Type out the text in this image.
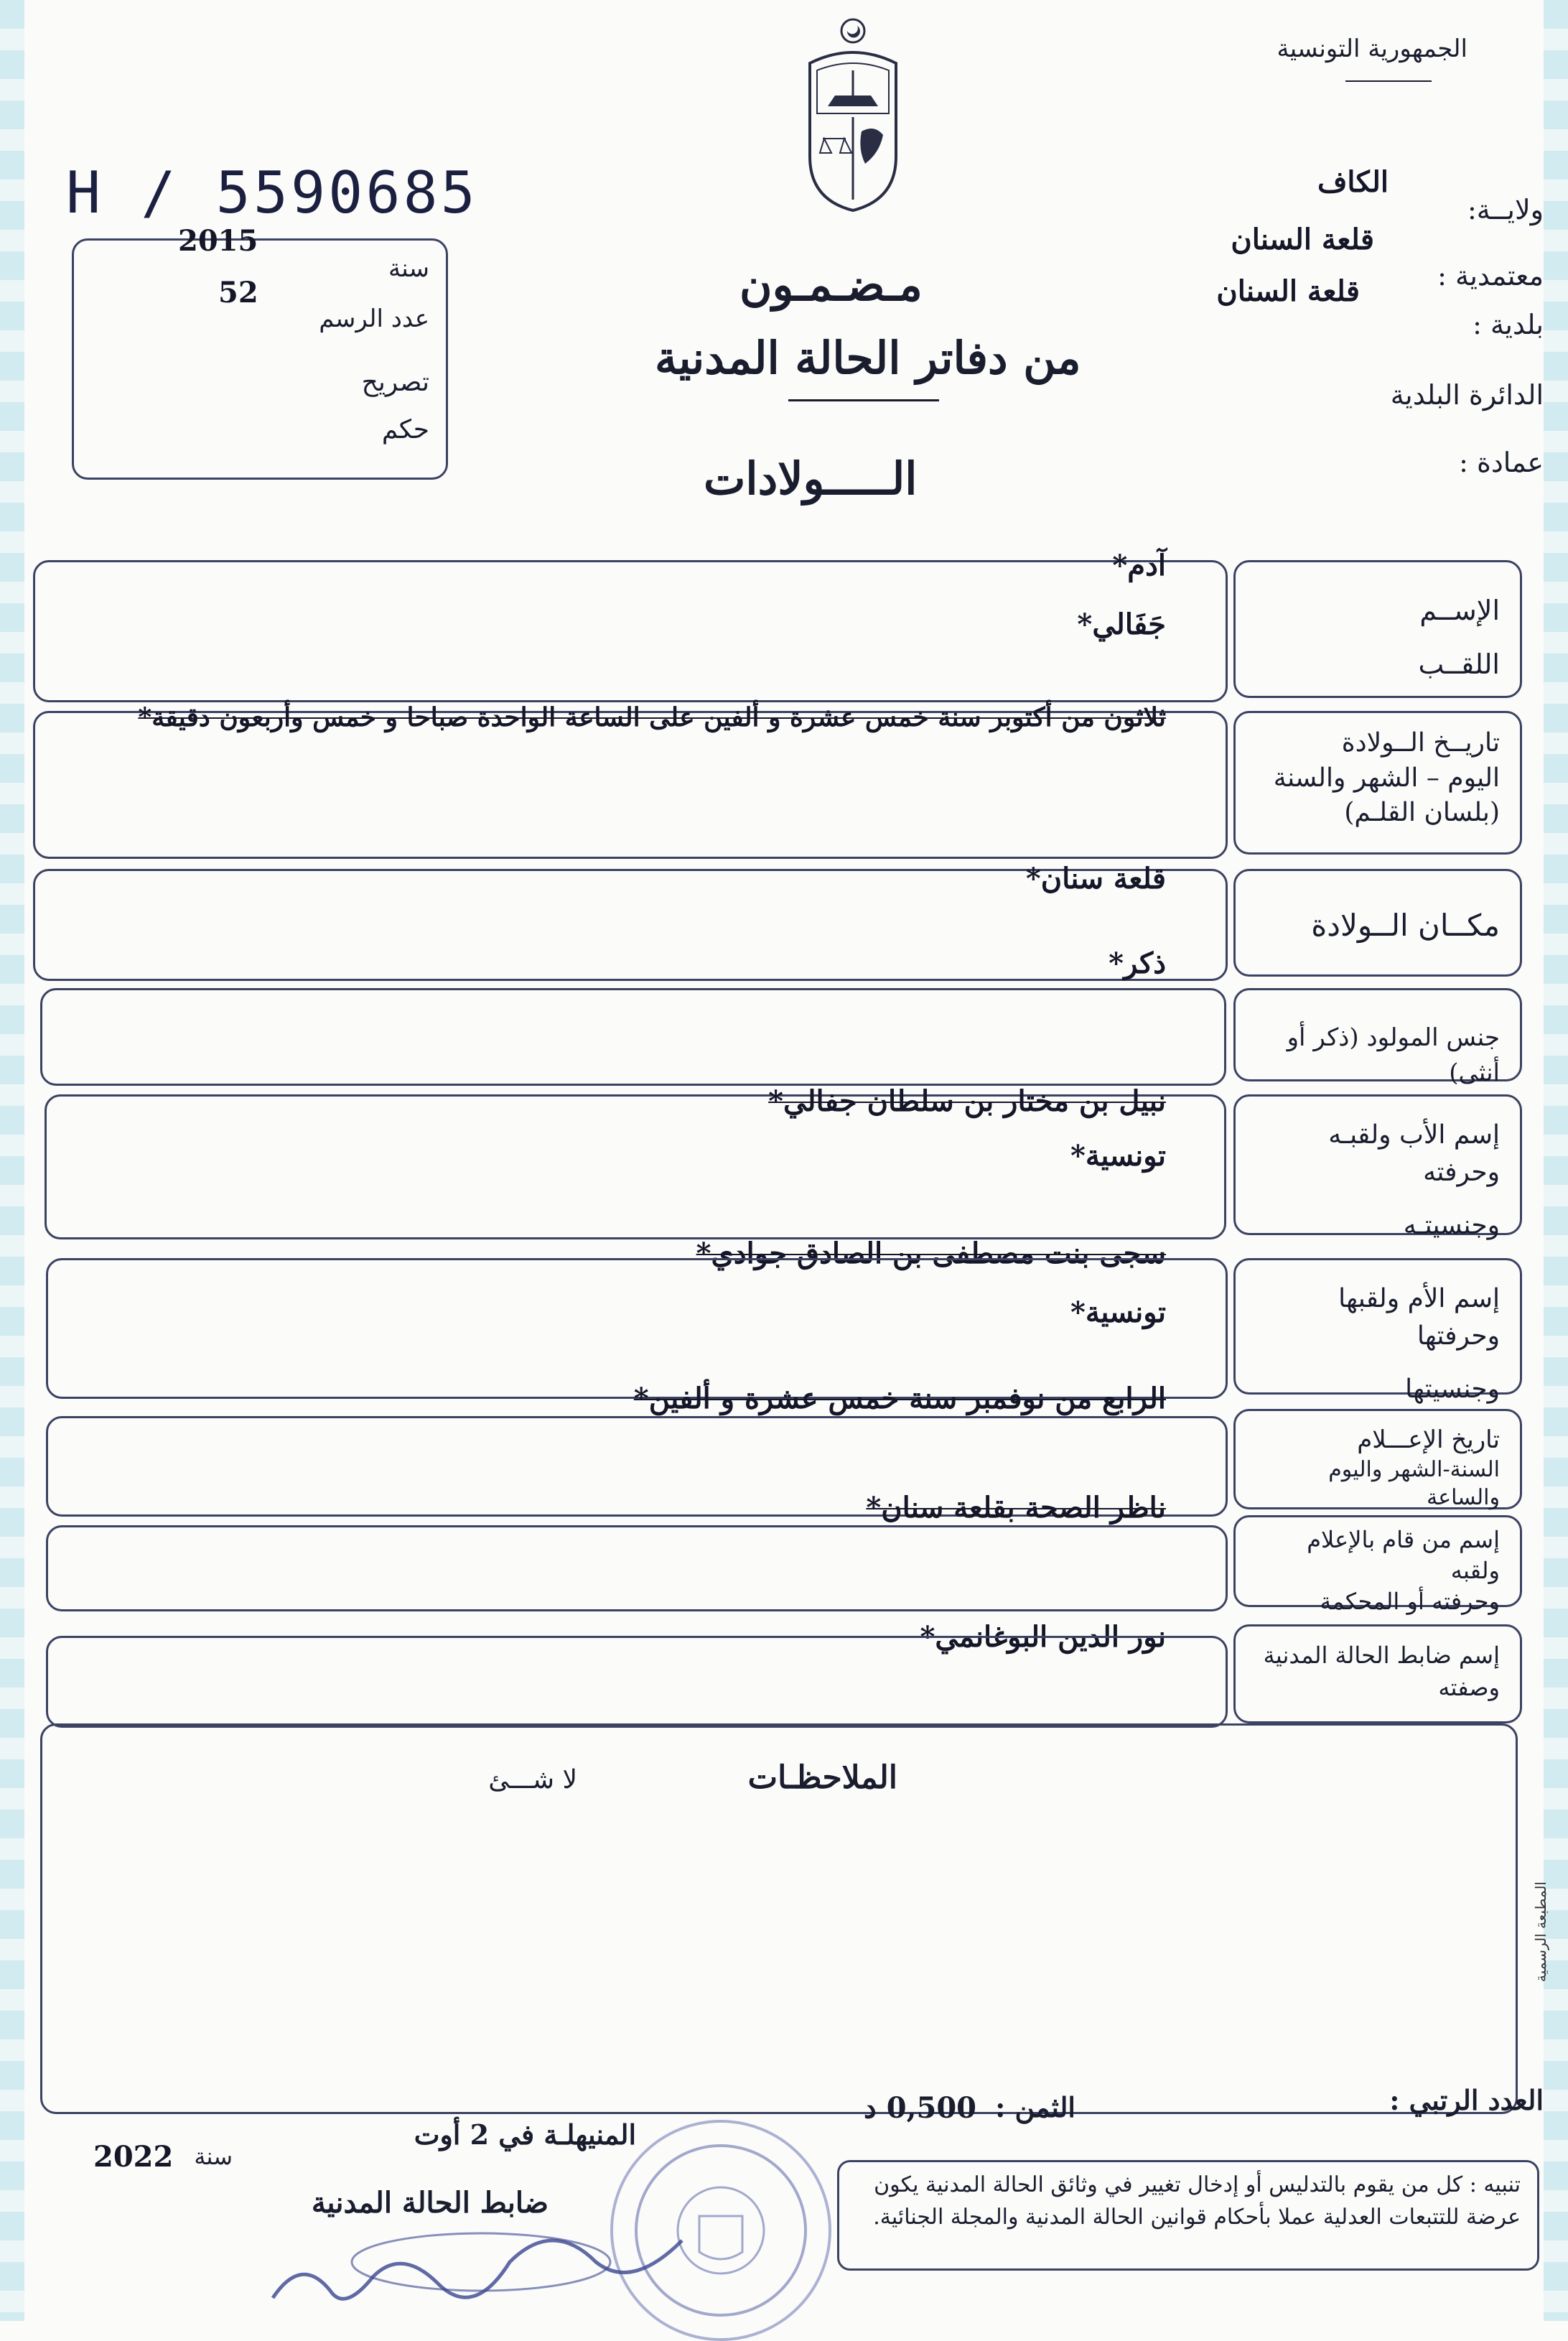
الجمهورية التونسية
ولايــة:
الكاف
قلعة السنان
معتمدية :
قلعة السنان
بلدية :
الدائرة البلدية
عمادة :
H / 5590685
2015
سنة
52
عدد الرسم
تصريح
حكم
مـضـمـون
من دفاتر الحالة المدنية
الـــــولادات
الإســم
اللقــب
آدم*
جَفَالي*
تاريــخ الــولادة
اليوم – الشهر والسنة
(بلسان القلـم)
ثلاثون من أكتوبر سنة خمس عشرة و ألفين على الساعة الواحدة صباحا و خمس وأربعون دقيقة*
مكــان الــولادة
قلعة سنان*
ذكر*
جنس المولود (ذكر أو أنثى)
إسم الأب ولقبـه وحرفته
وجنسيتـه
نبيل بن مختار بن سلطان جفالي*
تونسية*
سجى بنت مصطفى بن الصادق جوادي*
إسم الأم ولقبها وحرفتها
وجنسيتها
تونسية*
الرابع من نوفمبر سنة خمس عشرة و ألفين*
تاريخ الإعـــلام
السنة-الشهر واليوم والساعة
ناظر الصحة بقلعة سنان*
إسم من قام بالإعلام ولقبه
وحرفته أو المحكمة
نور الدين البوغانمي*
إسم ضابط الحالة المدنية
وصفته
الملاحظـات
لا شـــئ
المطبعة الرسمية
العدد الرتبي :
الثمن :
0,500 د
المنيهلـة في 2 أوت
2022 سنة
ضابط الحالة المدنية
تنبيه : كل من يقوم بالتدليس أو إدخال تغيير في وثائق الحالة المدنية يكون عرضة للتتبعات العدلية عملا بأحكام قوانين الحالة المدنية والمجلة الجنائية.
